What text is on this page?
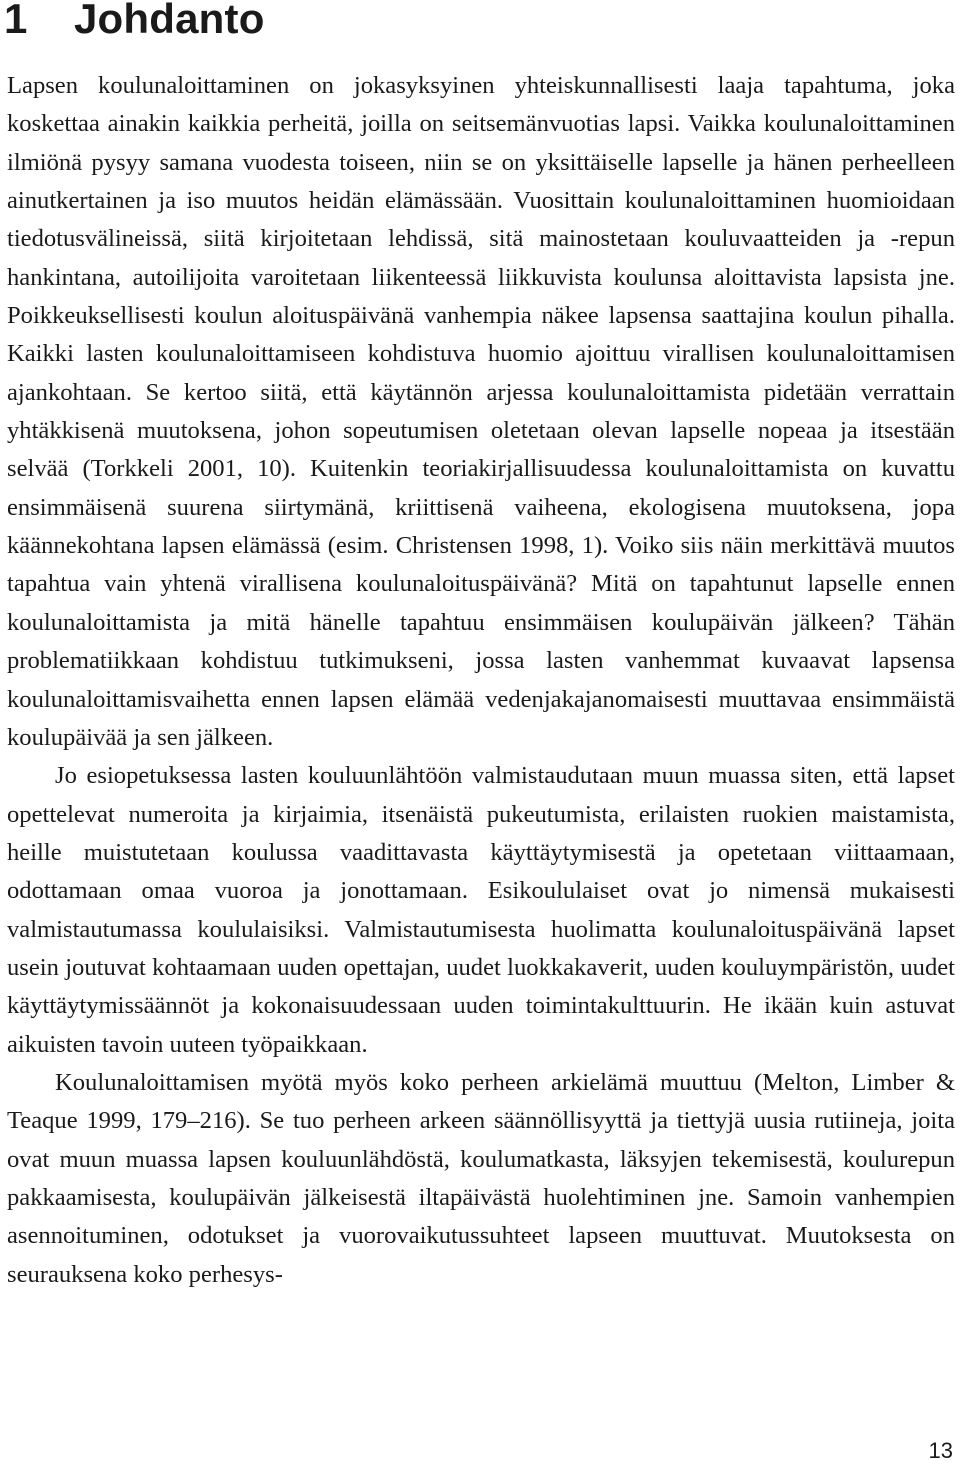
1 Johdanto

Lapsen koulunaloittaminen on jokasyksyinen yhteiskunnallisesti laaja tapahtuma, joka koskettaa ainakin kaikkia perheitä, joilla on seitsemänvuotias lapsi. Vaikka koulunaloittaminen ilmiönä pysyy samana vuodesta toiseen, niin se on yksittäiselle lapselle ja hänen perheelleen ainutkertainen ja iso muutos heidän elämässään. Vuosittain koulunaloittaminen huomioidaan tiedotusvälineissä, siitä kirjoitetaan lehdissä, sitä mainostetaan kouluvaatteiden ja -repun hankintana, autoilijoita varoitetaan liikenteessä liikkuvista koulunsa aloittavista lapsista jne. Poikkeuksellisesti koulun aloituspäivänä vanhempia näkee lapsensa saattajina koulun pihalla. Kaikki lasten koulunaloittamiseen kohdistuva huomio ajoittuu virallisen koulunaloittamisen ajankohtaan. Se kertoo siitä, että käytännön arjessa koulunaloittamista pidetään verrattain yhtäkkisenä muutoksena, johon sopeutumisen oletetaan olevan lapselle nopeaa ja itsestään selvää (Torkkeli 2001, 10). Kuitenkin teoriakirjallisuudessa koulunaloittamista on kuvattu ensimmäisenä suurena siirtymänä, kriittisenä vaiheena, ekologisena muutoksena, jopa käännekohtana lapsen elämässä (esim. Christensen 1998, 1). Voiko siis näin merkittävä muutos tapahtua vain yhtenä virallisena koulunaloituspäivänä? Mitä on tapahtunut lapselle ennen koulunaloittamista ja mitä hänelle tapahtuu ensimmäisen koulupäivän jälkeen? Tähän problematiikkaan kohdistuu tutkimukseni, jossa lasten vanhemmat kuvaavat lapsensa koulunaloittamisvaihetta ennen lapsen elämää vedenjakajanomaisesti muuttavaa ensimmäistä koulupäivää ja sen jälkeen.

Jo esiopetuksessa lasten kouluunlähtöön valmistaudutaan muun muassa siten, että lapset opettelevat numeroita ja kirjaimia, itsenäistä pukeutumista, erilaisten ruokien maistamista, heille muistutetaan koulussa vaadittavasta käyttäytymisestä ja opetetaan viittaamaan, odottamaan omaa vuoroa ja jonottamaan. Esikoululaiset ovat jo nimensä mukaisesti valmistautumassa koululaisiksi. Valmistautumisesta huolimatta koulunaloituspäivänä lapset usein joutuvat kohtaamaan uuden opettajan, uudet luokkakaverit, uuden kouluympäristön, uudet käyttäytymissäännöt ja kokonaisuudessaan uuden toimintakulttuurin. He ikään kuin astuvat aikuisten tavoin uuteen työpaikkaan.

Koulunaloittamisen myötä myös koko perheen arkielämä muuttuu (Melton, Limber & Teaque 1999, 179–216). Se tuo perheen arkeen säännöllisyyttä ja tiettyjä uusia rutiineja, joita ovat muun muassa lapsen kouluunlähdöstä, koulumatkasta, läksyjen tekemisestä, koulurepun pakkaamisesta, koulupäivän jälkeisestä iltapäivästä huolehtiminen jne. Samoin vanhempien asennoituminen, odotukset ja vuorovaikutussuhteet lapseen muuttuvat. Muutoksesta on seurauksena koko perhesys-

13
